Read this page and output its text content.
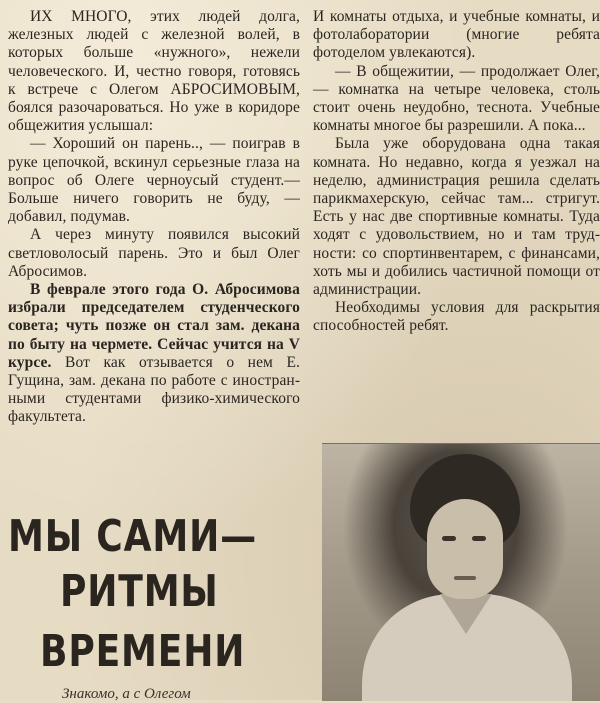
ИХ МНОГО, этих людей долга, железных людей с железной волей, в которых больше «нужного», нежели человеческого. И, честно говоря, готовясь к встрече с Олегом АБРОСИМОВЫМ, боялся разочароваться. Но уже в коридоре общежития услышал:

— Хороший он парень.., — поиграв в руке цепочкой, вскинул серьезные глаза на вопрос об Олеге черноусый студент.— Больше ничего говорить не буду, — добавил, подумав.

А через минуту появился высокий светловолосый парень. Это и был Олег Абросимов.

В феврале этого года О. Абросимова избрали председателем студенческого совета; чуть позже он стал зам. декана по быту на чермете. Сейчас учится на V курсе. Вот как отзывается о нем Е. Гущина, зам. декана по работе с иностранными студентами физико-химического факультета.

МЫ САМИ—
РИТМЫ
ВРЕМЕНИ

И комнаты отдыха, и учебные комнаты, и фотолаборатории (многие ребята фотоделом увлекаются).

— В общежитии, — продолжает Олег, — комнатка на четыре человека, столь стоит очень неудобно, теснота. Учебные комнаты многое бы разрешили. А пока...

Была уже оборудована одна такая комната. Но недавно, когда я уезжал на неделю, администрация решила сделать парикмахерскую, сейчас там... стригут. Есть у нас две спортивные комнаты. Туда ходят с удовольствием, но и там трудности: со спортинвентарем, с финансами, хоть мы и добились частичной помощи от администрации.

Необходимы условия для раскрытия способностей ребят.

Знакомо, а с Олегом
